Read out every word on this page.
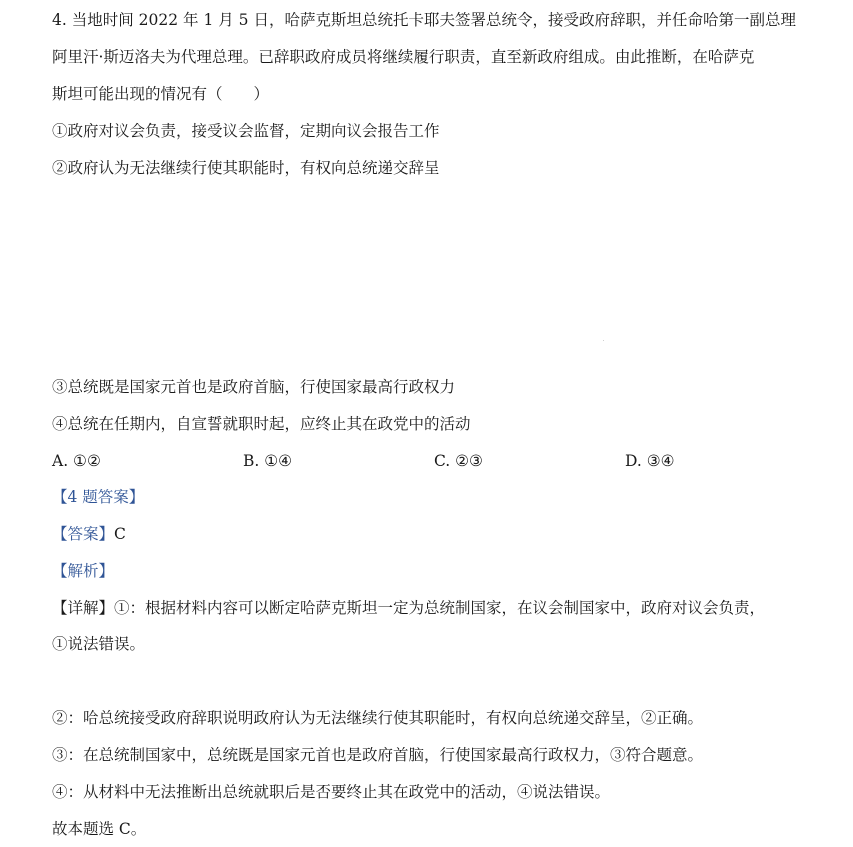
4. 当地时间 2022 年 1 月 5 日，哈萨克斯坦总统托卡耶夫签署总统令，接受政府辞职，并任命哈第一副总理
阿里汗·斯迈洛夫为代理总理。已辞职政府成员将继续履行职责，直至新政府组成。由此推断，在哈萨克
斯坦可能出现的情况有（　　）
①政府对议会负责，接受议会监督，定期向议会报告工作
②政府认为无法继续行使其职能时，有权向总统递交辞呈
③总统既是国家元首也是政府首脑，行使国家最高行政权力
④总统在任期内，自宣誓就职时起，应终止其在政党中的活动
A. ①②	B. ①④	C. ②③	D. ③④
【4 题答案】
【答案】C
【解析】
【详解】①：根据材料内容可以断定哈萨克斯坦一定为总统制国家，在议会制国家中，政府对议会负责，
①说法错误。
②：哈总统接受政府辞职说明政府认为无法继续行使其职能时，有权向总统递交辞呈，②正确。
③：在总统制国家中，总统既是国家元首也是政府首脑，行使国家最高行政权力，③符合题意。
④：从材料中无法推断出总统就职后是否要终止其在政党中的活动，④说法错误。
故本题选 C。
